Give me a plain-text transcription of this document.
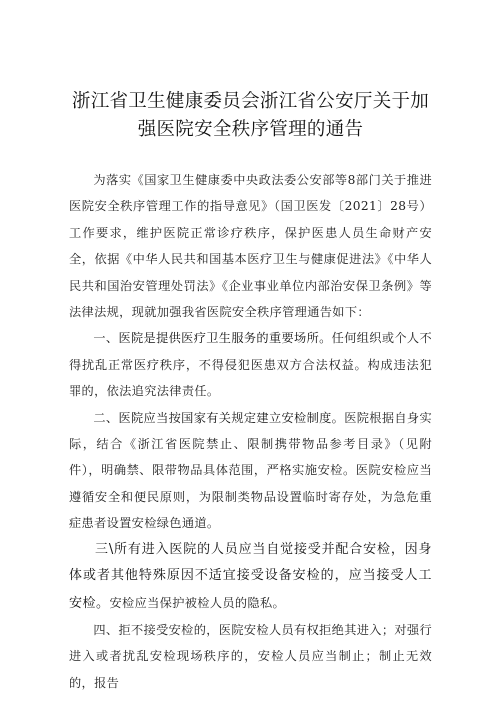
浙江省卫生健康委员会浙江省公安厅关于加强医院安全秩序管理的通告

为落实《国家卫生健康委中央政法委公安部等8部门关于推进医院安全秩序管理工作的指导意见》（国卫医发〔2021〕28号）工作要求，维护医院正常诊疗秩序，保护医患人员生命财产安全，依据《中华人民共和国基本医疗卫生与健康促进法》《中华人民共和国治安管理处罚法》《企业事业单位内部治安保卫条例》等法律法规，现就加强我省医院安全秩序管理通告如下：

一、医院是提供医疗卫生服务的重要场所。任何组织或个人不得扰乱正常医疗秩序，不得侵犯医患双方合法权益。构成违法犯罪的，依法追究法律责任。

二、医院应当按国家有关规定建立安检制度。医院根据自身实际，结合《浙江省医院禁止、限制携带物品参考目录》（见附件），明确禁、限带物品具体范围，严格实施安检。医院安检应当遵循安全和便民原则，为限制类物品设置临时寄存处，为急危重症患者设置安检绿色通道。

三\所有进入医院的人员应当自觉接受并配合安检，因身体或者其他特殊原因不适宜接受设备安检的，应当接受人工安检。安检应当保护被检人员的隐私。

四、拒不接受安检的，医院安检人员有权拒绝其进入；对强行进入或者扰乱安检现场秩序的，安检人员应当制止；制止无效的，报告
